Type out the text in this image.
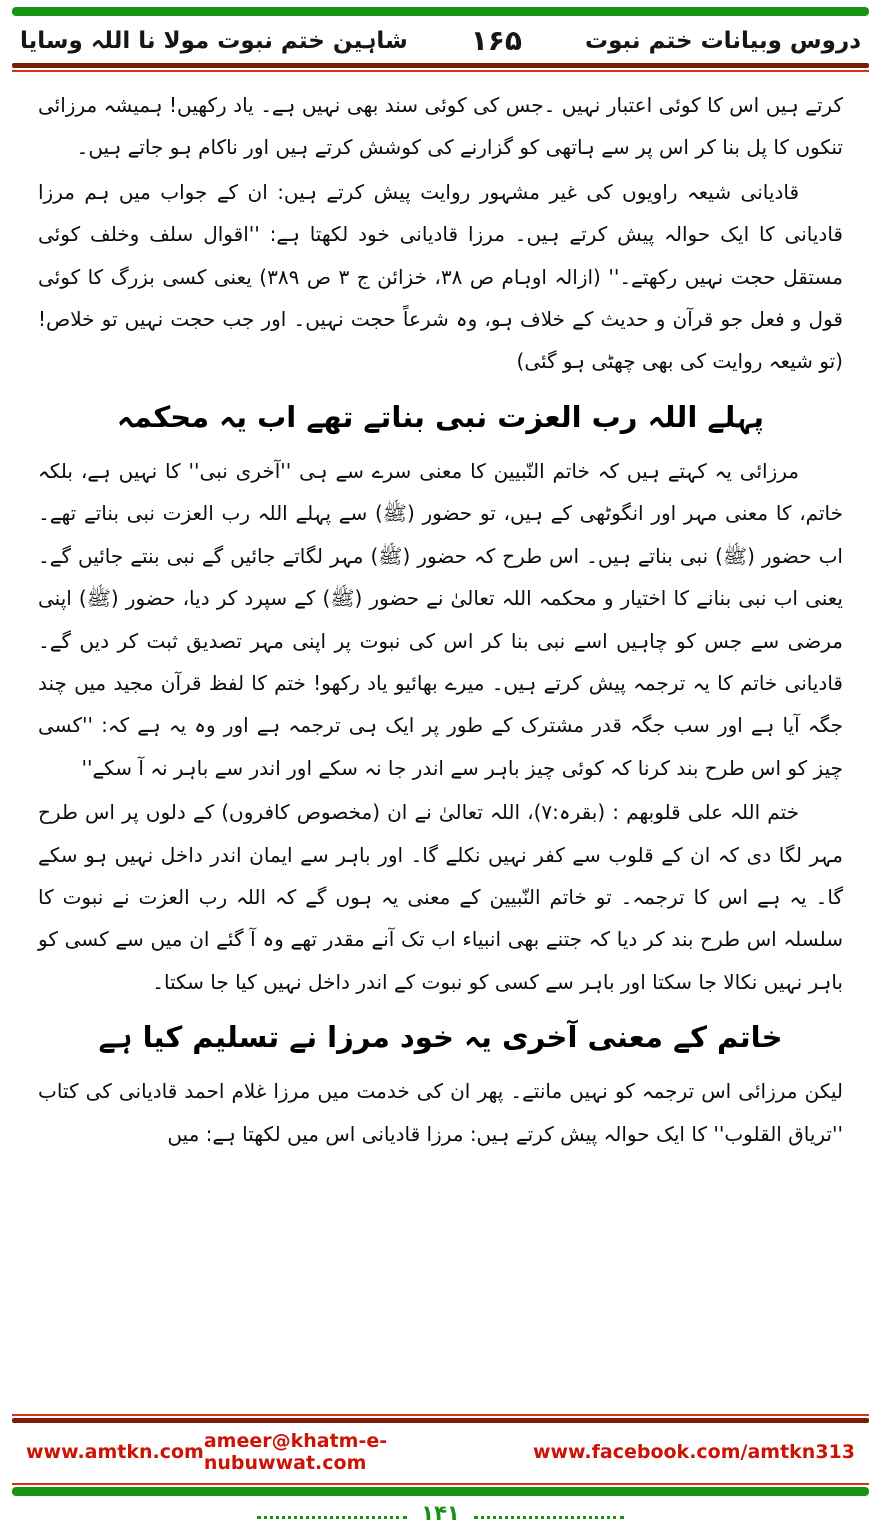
دروس وبیانات ختم نبوت
۱۶۵
شاہین ختم نبوت مولا نا اللہ وسایا

کرتے ہیں اس کا کوئی اعتبار نہیں ۔جس کی کوئی سند بھی نہیں ہے۔ یاد رکھیں! ہمیشہ مرزائی تنکوں کا پل بنا کر اس پر سے ہاتھی کو گزارنے کی کوشش کرتے ہیں اور ناکام ہو جاتے ہیں۔

قادیانی شیعہ راویوں کی غیر مشہور روایت پیش کرتے ہیں: ان کے جواب میں ہم مرزا قادیانی کا ایک حوالہ پیش کرتے ہیں۔ مرزا قادیانی خود لکھتا ہے: ''اقوال سلف وخلف کوئی مستقل حجت نہیں رکھتے۔'' (ازالہ اوہام ص ۳۸، خزائن ج ۳ ص ۳۸۹) یعنی کسی بزرگ کا کوئی قول و فعل جو قرآن و حدیث کے خلاف ہو، وہ شرعاً حجت نہیں۔ اور جب حجت نہیں تو خلاص! (تو شیعہ روایت کی بھی چھٹی ہو گئی)

پہلے اللہ رب العزت نبی بناتے تھے اب یہ محکمہ

مرزائی یہ کہتے ہیں کہ خاتم النّبیین کا معنی سرے سے ہی ''آخری نبی'' کا نہیں ہے، بلکہ خاتم، کا معنی مہر اور انگوٹھی کے ہیں، تو حضور (ﷺ) سے پہلے اللہ رب العزت نبی بناتے تھے۔ اب حضور (ﷺ) نبی بناتے ہیں۔ اس طرح کہ حضور (ﷺ) مہر لگاتے جائیں گے نبی بنتے جائیں گے۔ یعنی اب نبی بنانے کا اختیار و محکمہ اللہ تعالیٰ نے حضور (ﷺ) کے سپرد کر دیا، حضور (ﷺ) اپنی مرضی سے جس کو چاہیں اسے نبی بنا کر اس کی نبوت پر اپنی مہر تصدیق ثبت کر دیں گے۔ قادیانی خاتم کا یہ ترجمہ پیش کرتے ہیں۔ میرے بھائیو یاد رکھو! ختم کا لفظ قرآن مجید میں چند جگہ آیا ہے اور سب جگہ قدر مشترک کے طور پر ایک ہی ترجمہ ہے اور وہ یہ ہے کہ: ''کسی چیز کو اس طرح بند کرنا کہ کوئی چیز باہر سے اندر جا نہ سکے اور اندر سے باہر نہ آ سکے''

ختم اللہ علی قلوبھم : (بقرہ:۷)، اللہ تعالیٰ نے ان (مخصوص کافروں) کے دلوں پر اس طرح مہر لگا دی کہ ان کے قلوب سے کفر نہیں نکلے گا۔ اور باہر سے ایمان اندر داخل نہیں ہو سکے گا۔ یہ ہے اس کا ترجمہ۔ تو خاتم النّبیین کے معنی یہ ہوں گے کہ اللہ رب العزت نے نبوت کا سلسلہ اس طرح بند کر دیا کہ جتنے بھی انبیاء اب تک آنے مقدر تھے وہ آ گئے ان میں سے کسی کو باہر نہیں نکالا جا سکتا اور باہر سے کسی کو نبوت کے اندر داخل نہیں کیا جا سکتا۔

خاتم کے معنی آخری یہ خود مرزا نے تسلیم کیا ہے

لیکن مرزائی اس ترجمہ کو نہیں مانتے۔ پھر ان کی خدمت میں مرزا غلام احمد قادیانی کی کتاب ''تریاق القلوب'' کا ایک حوالہ پیش کرتے ہیں: مرزا قادیانی اس میں لکھتا ہے: میں

www.amtkn.com ameer@khatm-e-nubuwwat.com	www.facebook.com/amtkn313
۱۴۱
